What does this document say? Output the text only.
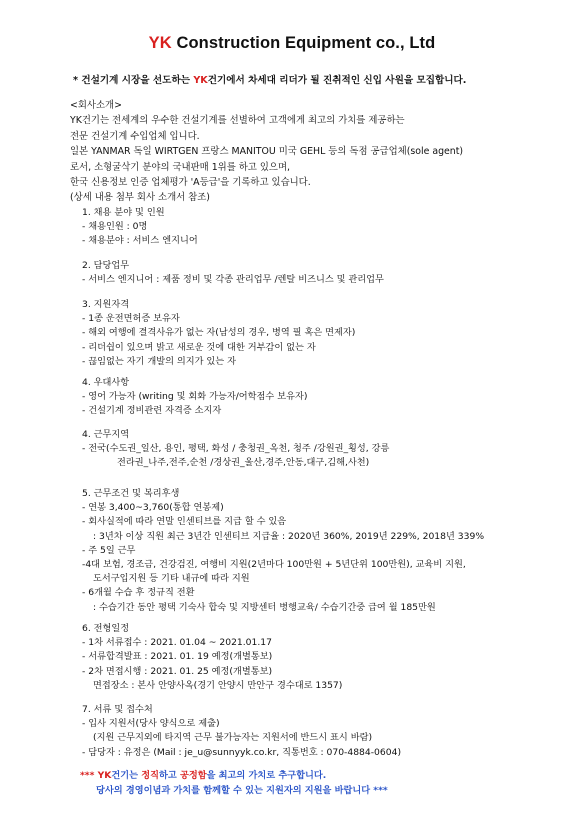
YK Construction Equipment co., Ltd
* 건설기계 시장을 선도하는 YK건기에서 차세대 리더가 될 진취적인 신입 사원을 모집합니다.
<회사소개>
YK건기는 전세계의 우수한 건설기계를 선별하여 고객에게 최고의 가치를 제공하는
전문 건설기계 수입업체 입니다.
일본 YANMAR 독일 WIRTGEN 프랑스 MANITOU 미국 GEHL 등의 독점 공급업체(sole agent)
로서, 소형굴삭기 분야의 국내판매 1위를 하고 있으며,
한국 신용정보 인증 업체평가 'A등급'을 기록하고 있습니다.
(상세 내용 첨부 회사 소개서 참조)
1. 채용 분야 및 인원
- 채용인원 : 0명
- 채용분야 : 서비스 엔지니어
2. 담당업무
- 서비스 엔지니어 : 제품 정비 및 각종 관리업무 /렌탈 비즈니스 및 관리업무
3. 지원자격
- 1종 운전면허증 보유자
- 해외 여행에 결격사유가 없는 자(남성의 경우, 병역 필 혹은 면제자)
- 리더쉽이 있으며 밝고 새로운 것에 대한 거부감이 없는 자
- 끊임없는 자기 개발의 의지가 있는 자
4. 우대사항
- 영어 가능자 (writing 및 회화 가능자/어학점수 보유자)
- 건설기계 정비관련 자격증 소지자
4. 근무지역
- 전국(수도권_일산, 용인, 평택, 화성 / 충청권_옥천, 청주 /강원권_횡성, 강릉
전라권_나주,전주,순천 /경상권_울산,경주,안동,대구,김해,사천)
5. 근무조건 및 복리후생
- 연봉 3,400~3,760(통합 연봉제)
- 회사실적에 따라 연말 인센티브를 지급 할 수 있음
: 3년차 이상 직원 최근 3년간 인센티브 지급율 : 2020년 360%, 2019년 229%, 2018년 339%
- 주 5일 근무
-4대 보험, 경조금, 건강검진, 여행비 지원(2년마다 100만원 + 5년단위 100만원), 교육비 지원,
도서구입지원 등 기타 내규에 따라 지원
- 6개월 수습 후 정규직 전환
: 수습기간 동안 평택 기숙사 합숙 및 지방센터 병행교육/ 수습기간중 급여 월 185만원
6. 전형일정
- 1차 서류접수 : 2021. 01.04 ~ 2021.01.17
- 서류합격발표 : 2021. 01. 19 예정(개별통보)
- 2차 면접시행 : 2021. 01. 25 예정(개별통보)
면접장소 : 본사 안양사옥(경기 안양시 만안구 경수대로 1357)
7. 서류 및 접수처
- 입사 지원서(당사 양식으로 제출)
(지원 근무지외에 타지역 근무 불가능자는 지원서에 반드시 표시 바람)
- 담당자 : 유정은 (Mail : je_u@sunnyyk.co.kr, 직통번호 : 070-4884-0604)
*** YK건기는 정직하고 공정함을 최고의 가치로 추구합니다.
당사의 경영이념과 가치를 함께할 수 있는 지원자의 지원을 바랍니다 ***
